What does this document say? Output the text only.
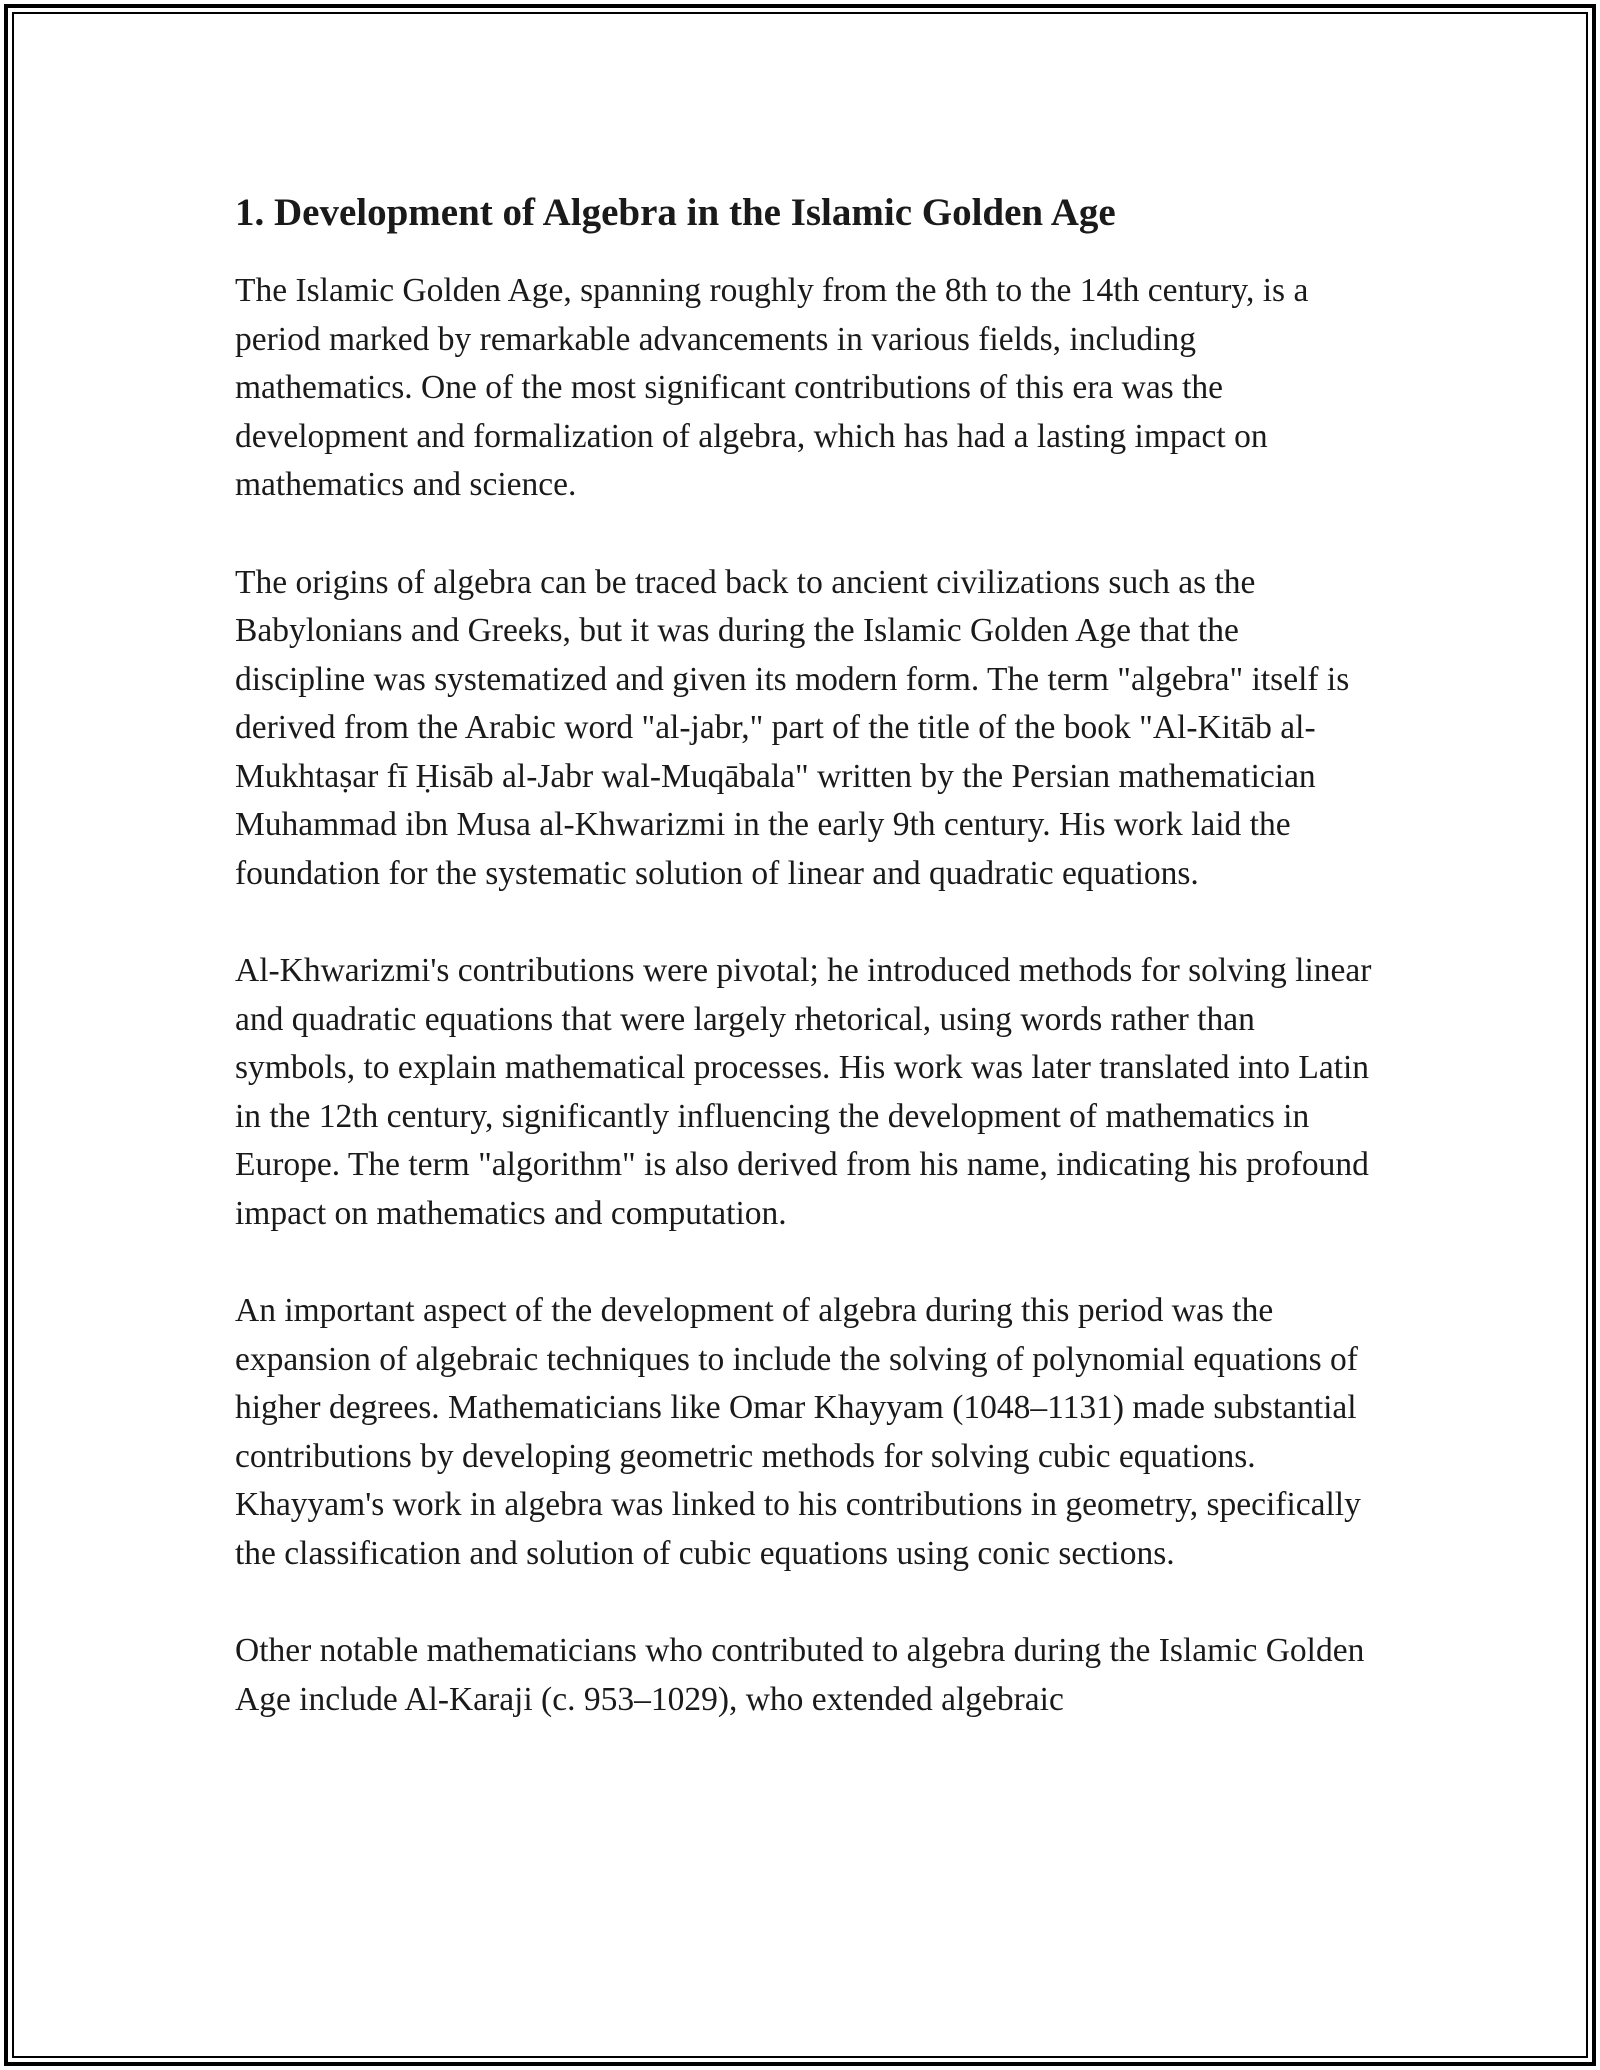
1. Development of Algebra in the Islamic Golden Age

The Islamic Golden Age, spanning roughly from the 8th to the 14th century, is a period marked by remarkable advancements in various fields, including mathematics. One of the most significant contributions of this era was the development and formalization of algebra, which has had a lasting impact on mathematics and science.

The origins of algebra can be traced back to ancient civilizations such as the Babylonians and Greeks, but it was during the Islamic Golden Age that the discipline was systematized and given its modern form. The term "algebra" itself is derived from the Arabic word "al-jabr," part of the title of the book "Al-Kitāb al-Mukhtaṣar fī Ḥisāb al-Jabr wal-Muqābala" written by the Persian mathematician Muhammad ibn Musa al-Khwarizmi in the early 9th century. His work laid the foundation for the systematic solution of linear and quadratic equations.

Al-Khwarizmi's contributions were pivotal; he introduced methods for solving linear and quadratic equations that were largely rhetorical, using words rather than symbols, to explain mathematical processes. His work was later translated into Latin in the 12th century, significantly influencing the development of mathematics in Europe. The term "algorithm" is also derived from his name, indicating his profound impact on mathematics and computation.

An important aspect of the development of algebra during this period was the expansion of algebraic techniques to include the solving of polynomial equations of higher degrees. Mathematicians like Omar Khayyam (1048–1131) made substantial contributions by developing geometric methods for solving cubic equations. Khayyam's work in algebra was linked to his contributions in geometry, specifically the classification and solution of cubic equations using conic sections.

Other notable mathematicians who contributed to algebra during the Islamic Golden Age include Al-Karaji (c. 953–1029), who extended algebraic
